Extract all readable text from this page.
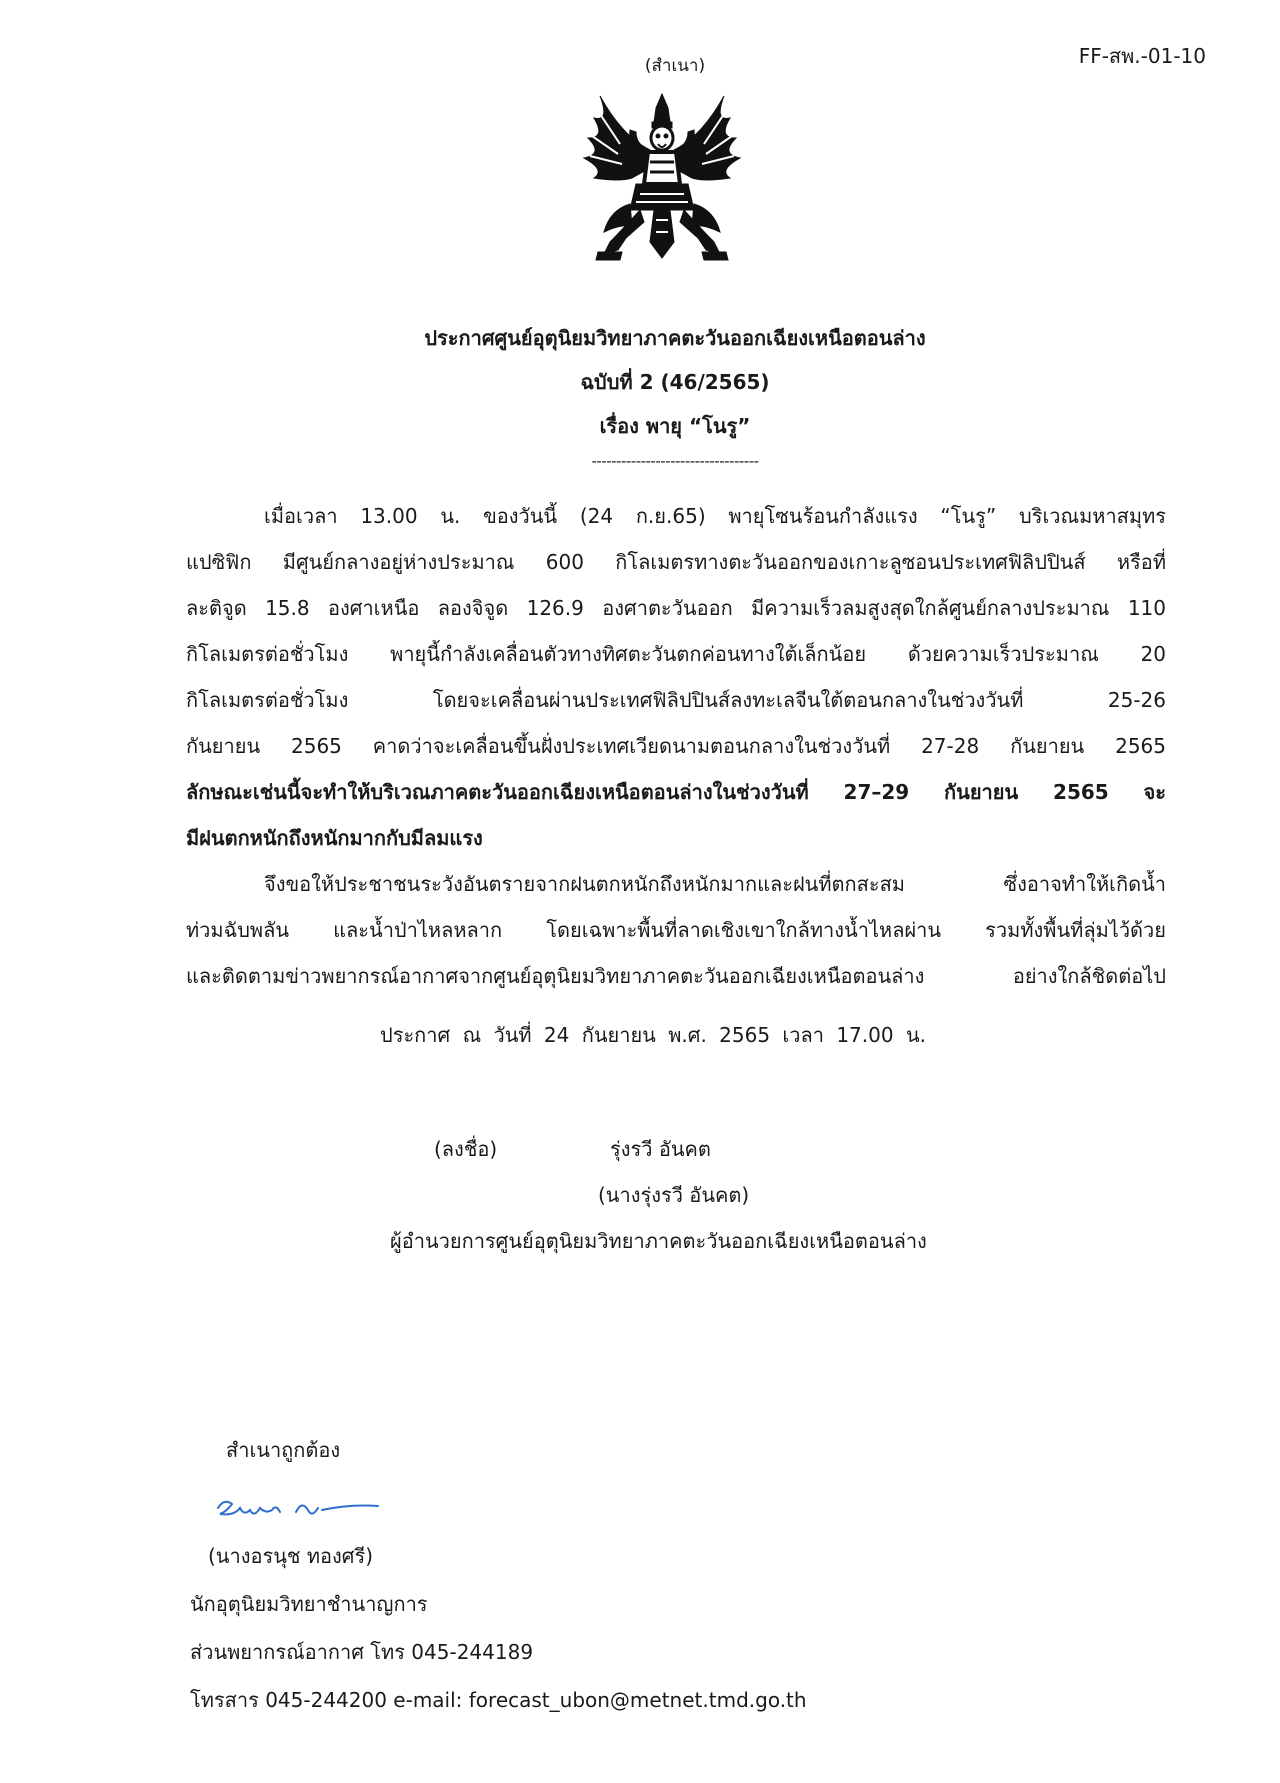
FF-สพ.-01-10
(สำเนา)
ประกาศศูนย์อุตุนิยมวิทยาภาคตะวันออกเฉียงเหนือตอนล่าง
ฉบับที่ 2 (46/2565)
เรื่อง พายุ “โนรู”
----------------------------------
เมื่อเวลา 13.00 น. ของวันนี้ (24 ก.ย.65) พายุโซนร้อนกำลังแรง “โนรู” บริเวณมหาสมุทร
แปซิฟิก มีศูนย์กลางอยู่ห่างประมาณ 600 กิโลเมตรทางตะวันออกของเกาะลูซอนประเทศฟิลิปปินส์ หรือที่
ละติจูด 15.8 องศาเหนือ ลองจิจูด 126.9 องศาตะวันออก มีความเร็วลมสูงสุดใกล้ศูนย์กลางประมาณ 110
กิโลเมตรต่อชั่วโมง พายุนี้กำลังเคลื่อนตัวทางทิศตะวันตกค่อนทางใต้เล็กน้อย ด้วยความเร็วประมาณ 20
กิโลเมตรต่อชั่วโมง โดยจะเคลื่อนผ่านประเทศฟิลิปปินส์ลงทะเลจีนใต้ตอนกลางในช่วงวันที่ 25-26
กันยายน 2565 คาดว่าจะเคลื่อนขึ้นฝั่งประเทศเวียดนามตอนกลางในช่วงวันที่ 27-28 กันยายน 2565
ลักษณะเช่นนี้จะทำให้บริเวณภาคตะวันออกเฉียงเหนือตอนล่างในช่วงวันที่ 27–29 กันยายน 2565 จะ
มีฝนตกหนักถึงหนักมากกับมีลมแรง
จึงขอให้ประชาชนระวังอันตรายจากฝนตกหนักถึงหนักมากและฝนที่ตกสะสม ซึ่งอาจทำให้เกิดน้ำ
ท่วมฉับพลัน และน้ำป่าไหลหลาก โดยเฉพาะพื้นที่ลาดเชิงเขาใกล้ทางน้ำไหลผ่าน รวมทั้งพื้นที่ลุ่มไว้ด้วย
และติดตามข่าวพยากรณ์อากาศจากศูนย์อุตุนิยมวิทยาภาคตะวันออกเฉียงเหนือตอนล่าง อย่างใกล้ชิดต่อไป
ประกาศ ณ วันที่ 24 กันยายน พ.ศ. 2565 เวลา 17.00 น.
(ลงชื่อ)	รุ่งรวี อันคต
(นางรุ่งรวี อันคต)
ผู้อำนวยการศูนย์อุตุนิยมวิทยาภาคตะวันออกเฉียงเหนือตอนล่าง
สำเนาถูกต้อง
(นางอรนุช ทองศรี)
นักอุตุนิยมวิทยาชำนาญการ
ส่วนพยากรณ์อากาศ โทร 045-244189
โทรสาร 045-244200 e-mail: forecast_ubon@metnet.tmd.go.th
